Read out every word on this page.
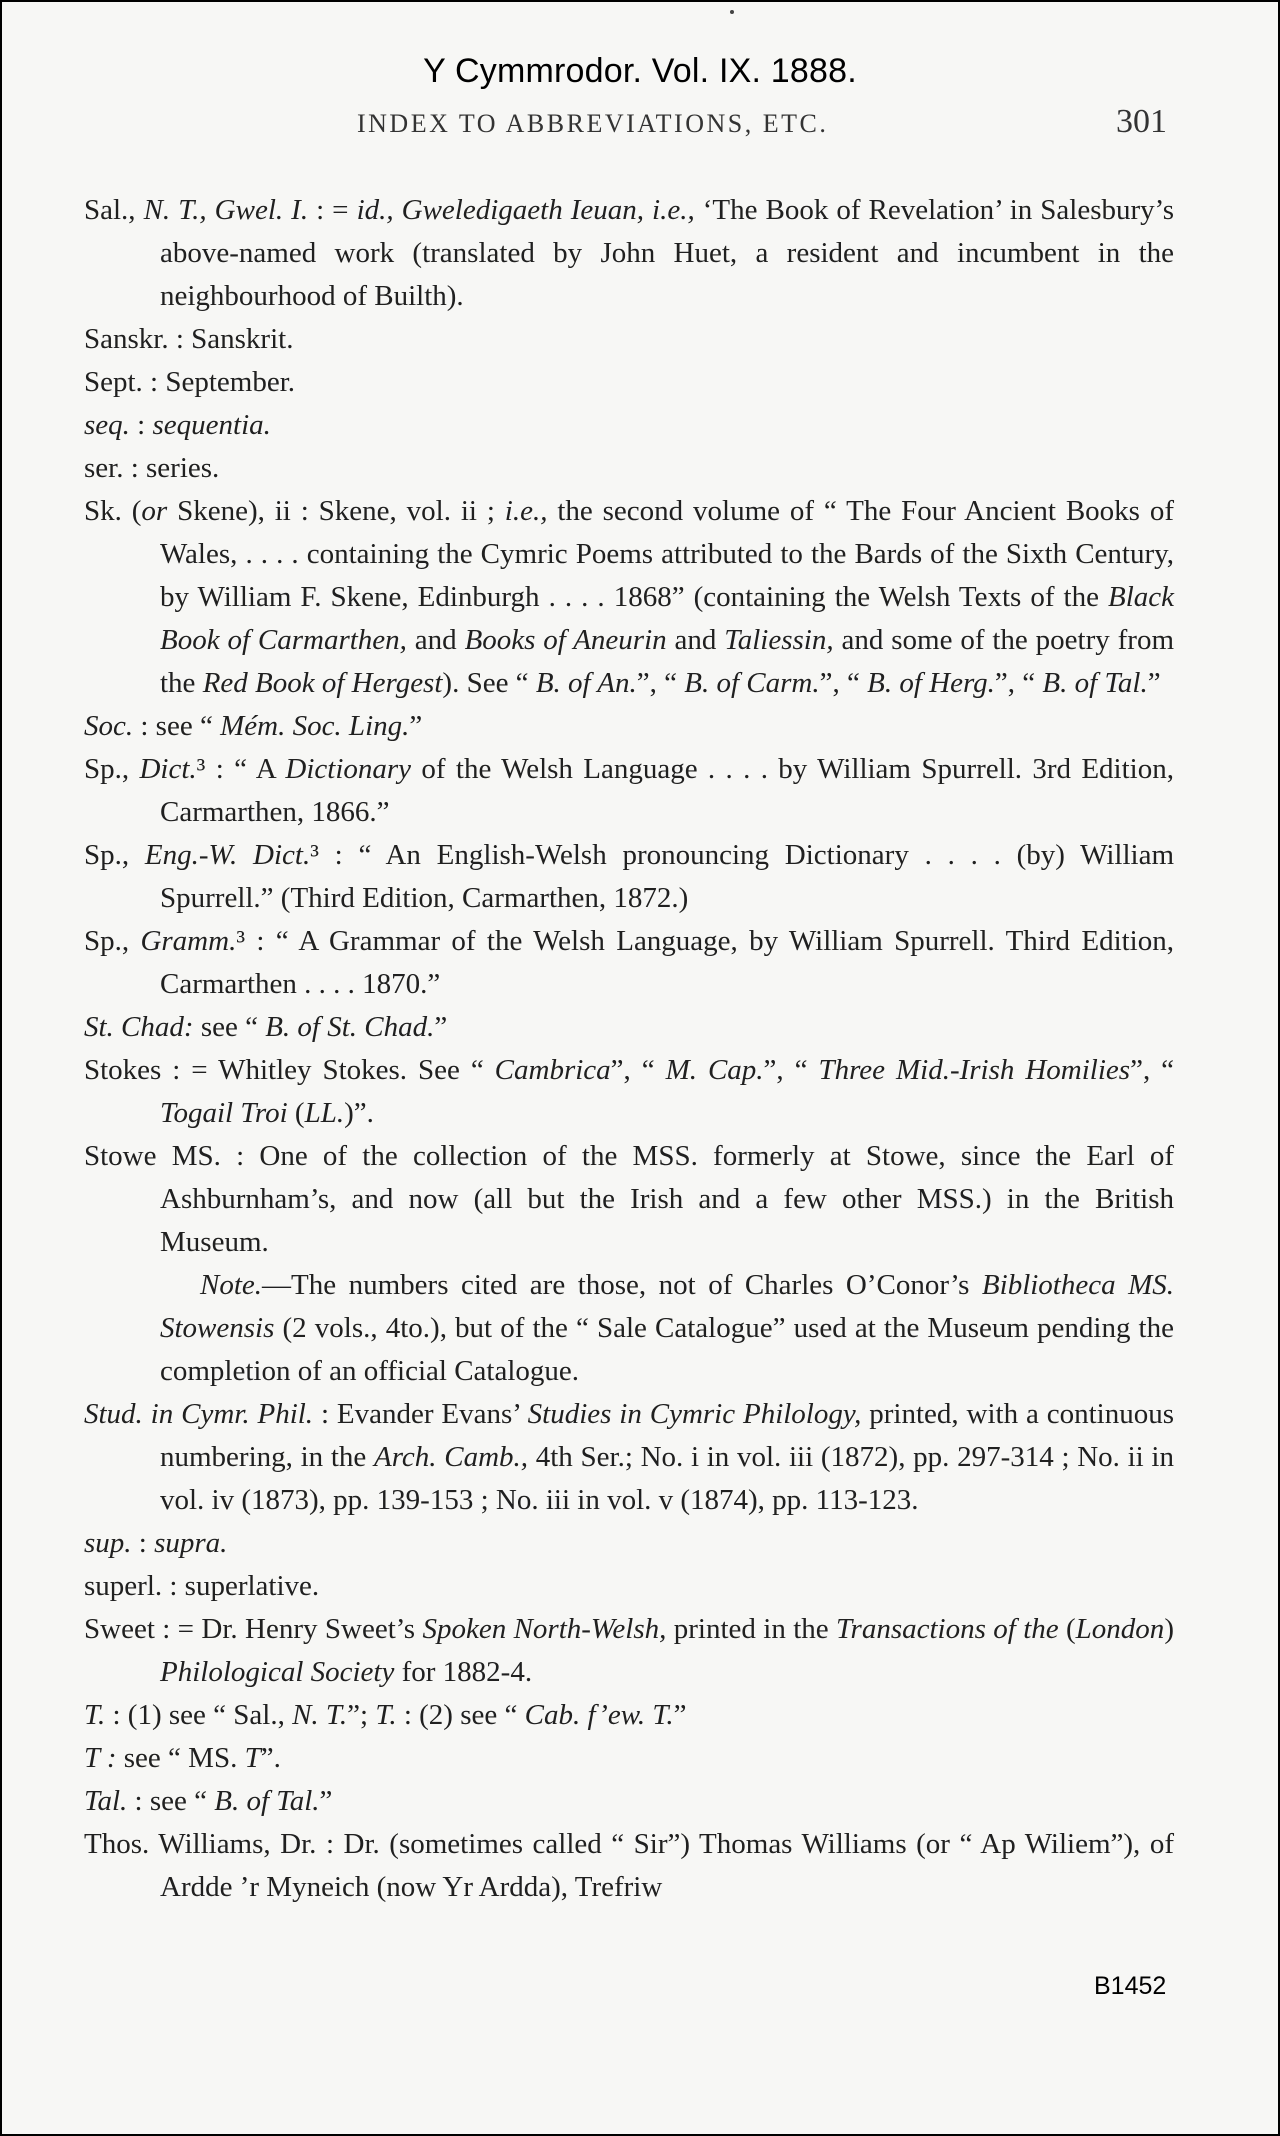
Y Cymmrodor. Vol. IX. 1888.
INDEX TO ABBREVIATIONS, ETC.	301

Sal., N. T., Gwel. I. : = id., Gweledigaeth Ieuan, i.e., ‘The Book of Revelation’ in Salesbury’s above-named work (translated by John Huet, a resident and incumbent in the neighbourhood of Builth).

Sanskr. : Sanskrit.

Sept. : September.

seq. : sequentia.

ser. : series.

Sk. (or Skene), ii : Skene, vol. ii ; i.e., the second volume of “ The Four Ancient Books of Wales, . . . . containing the Cymric Poems attributed to the Bards of the Sixth Century, by William F. Skene, Edinburgh . . . . 1868” (containing the Welsh Texts of the Black Book of Carmarthen, and Books of Aneurin and Taliessin, and some of the poetry from the Red Book of Hergest). See “ B. of An.”, “ B. of Carm.”, “ B. of Herg.”, “ B. of Tal.”

Soc. : see “ Mém. Soc. Ling.”

Sp., Dict.³ : “ A Dictionary of the Welsh Language . . . . by William Spurrell. 3rd Edition, Carmarthen, 1866.”

Sp., Eng.-W. Dict.³ : “ An English-Welsh pronouncing Dictionary . . . . (by) William Spurrell.” (Third Edition, Carmarthen, 1872.)

Sp., Gramm.³ : “ A Grammar of the Welsh Language, by William Spurrell. Third Edition, Carmarthen . . . . 1870.”

St. Chad: see “ B. of St. Chad.”

Stokes : = Whitley Stokes. See “ Cambrica”, “ M. Cap.”, “ Three Mid.-Irish Homilies”, “ Togail Troi (LL.)”.

Stowe MS. : One of the collection of the MSS. formerly at Stowe, since the Earl of Ashburnham’s, and now (all but the Irish and a few other MSS.) in the British Museum.

Note.—The numbers cited are those, not of Charles O’Conor’s Bibliotheca MS. Stowensis (2 vols., 4to.), but of the “ Sale Catalogue” used at the Museum pending the completion of an official Catalogue.

Stud. in Cymr. Phil. : Evander Evans’ Studies in Cymric Philology, printed, with a continuous numbering, in the Arch. Camb., 4th Ser.; No. i in vol. iii (1872), pp. 297-314 ; No. ii in vol. iv (1873), pp. 139-153 ; No. iii in vol. v (1874), pp. 113-123.

sup. : supra.

superl. : superlative.

Sweet : = Dr. Henry Sweet’s Spoken North-Welsh, printed in the Transactions of the (London) Philological Society for 1882-4.

T. : (1) see “ Sal., N. T.”; T. : (2) see “ Cab. f’ew. T.”

T : see “ MS. T”.

Tal. : see “ B. of Tal.”

Thos. Williams, Dr. : Dr. (sometimes called “ Sir”) Thomas Williams (or “ Ap Wiliem”), of Ardde ’r Myneich (now Yr Ardda), Trefriw

B1452
